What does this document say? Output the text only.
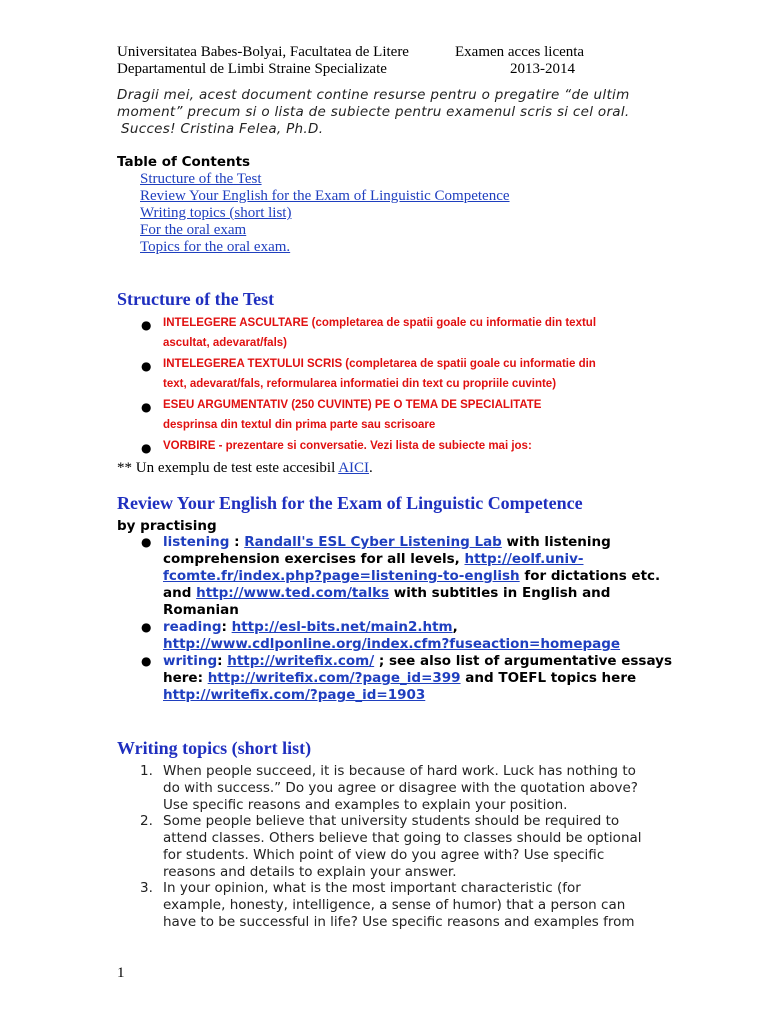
Universitatea Babes-Bolyai, Facultatea de Litere	Examen acces licenta
Departamentul de Limbi Straine Specializate	2013-2014
Dragii mei, acest document contine resurse pentru o pregatire “de ultim
moment” precum si o lista de subiecte pentru examenul scris si cel oral.
Succes! Cristina Felea, Ph.D.
Table of Contents
Structure of the Test
Review Your English for the Exam of Linguistic Competence
Writing topics (short list)
For the oral exam
Topics for the oral exam.
Structure of the Test
● INTELEGERE ASCULTARE (completarea de spatii goale cu informatie din textul
ascultat, adevarat/fals)
● INTELEGEREA TEXTULUI SCRIS (completarea de spatii goale cu informatie din
text, adevarat/fals, reformularea informatiei din text cu propriile cuvinte)
● ESEU ARGUMENTATIV (250 CUVINTE) PE O TEMA DE SPECIALITATE
desprinsa din textul din prima parte sau scrisoare
● VORBIRE - prezentare si conversatie. Vezi lista de subiecte mai jos:
** Un exemplu de test este accesibil AICI.
Review Your English for the Exam of Linguistic Competence
by practising
● listening : Randall's ESL Cyber Listening Lab with listening
comprehension exercises for all levels, http://eolf.univ-
fcomte.fr/index.php?page=listening-to-english for dictations etc.
and http://www.ted.com/talks with subtitles in English and
Romanian
● reading: http://esl-bits.net/main2.htm,
http://www.cdlponline.org/index.cfm?fuseaction=homepage
● writing: http://writefix.com/ ; see also list of argumentative essays
here: http://writefix.com/?page_id=399 and TOEFL topics here
http://writefix.com/?page_id=1903
Writing topics (short list)
1. When people succeed, it is because of hard work. Luck has nothing to
do with success.” Do you agree or disagree with the quotation above?
Use specific reasons and examples to explain your position.
2. Some people believe that university students should be required to
attend classes. Others believe that going to classes should be optional
for students. Which point of view do you agree with? Use specific
reasons and details to explain your answer.
3. In your opinion, what is the most important characteristic (for
example, honesty, intelligence, a sense of humor) that a person can
have to be successful in life? Use specific reasons and examples from
1
